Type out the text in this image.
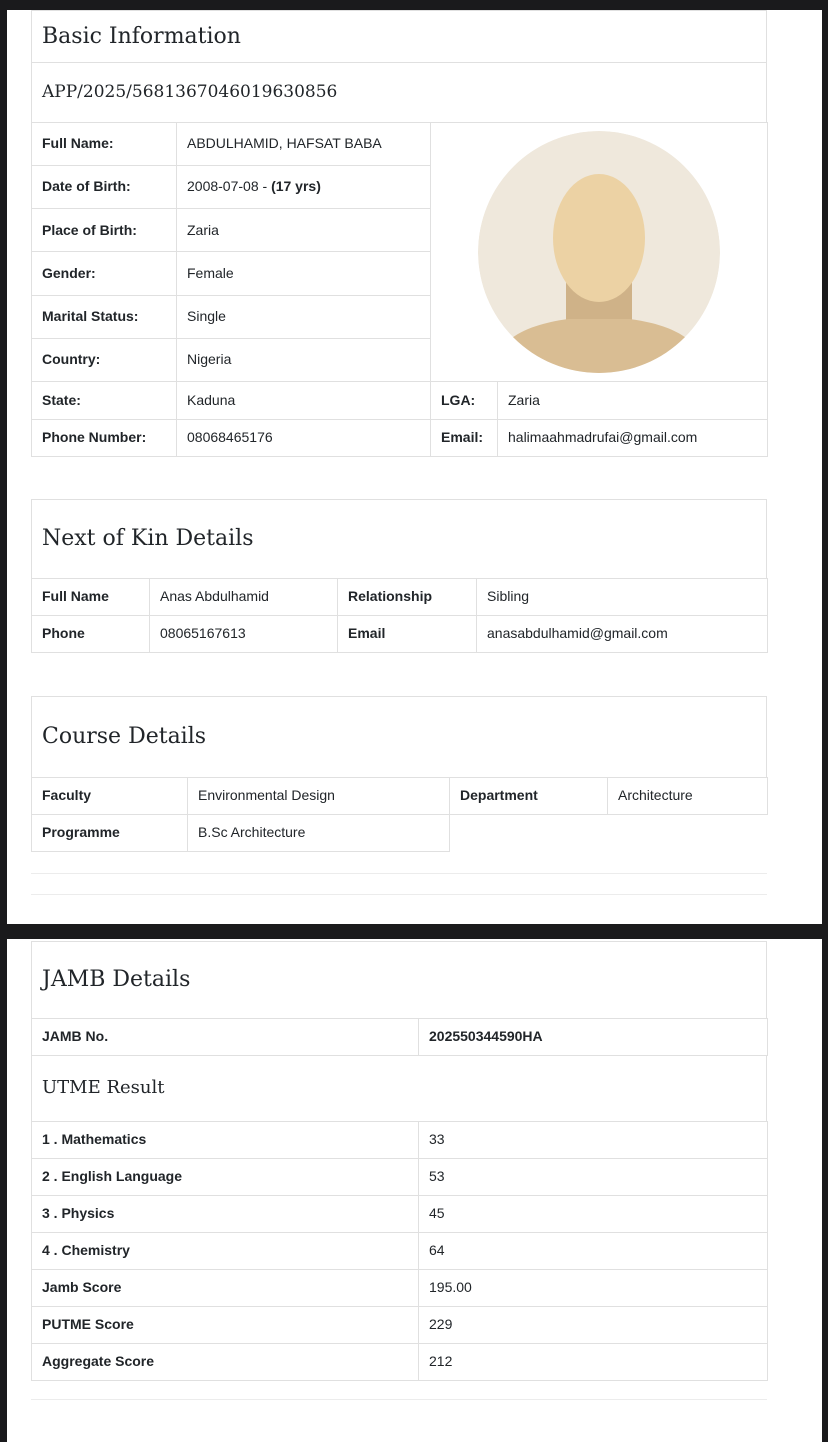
Basic Information
APP/2025/5681367046019630856
Full Name:	ABDULHAMID, HAFSAT BABA	

Date of Birth:	2008-07-08 - (17 yrs)		
Place of Birth:	Zaria		
Gender:	Female		
Marital Status:	Single		
Country:	Nigeria		
State:	Kaduna	LGA:	Zaria
Phone Number:	08068465176	Email:	halimaahmadrufai@gmail.com
Next of Kin Details
Full Name	Anas Abdulhamid	Relationship	Sibling
Phone	08065167613	Email	anasabdulhamid@gmail.com
Course Details
Faculty	Environmental Design	Department	Architecture
Programme	B.Sc Architecture		
JAMB Details
JAMB No.	202550344590HA
UTME Result
1 . Mathematics	33
2 . English Language	53
3 . Physics	45
4 . Chemistry	64
Jamb Score	195.00
PUTME Score	229
Aggregate Score	212
